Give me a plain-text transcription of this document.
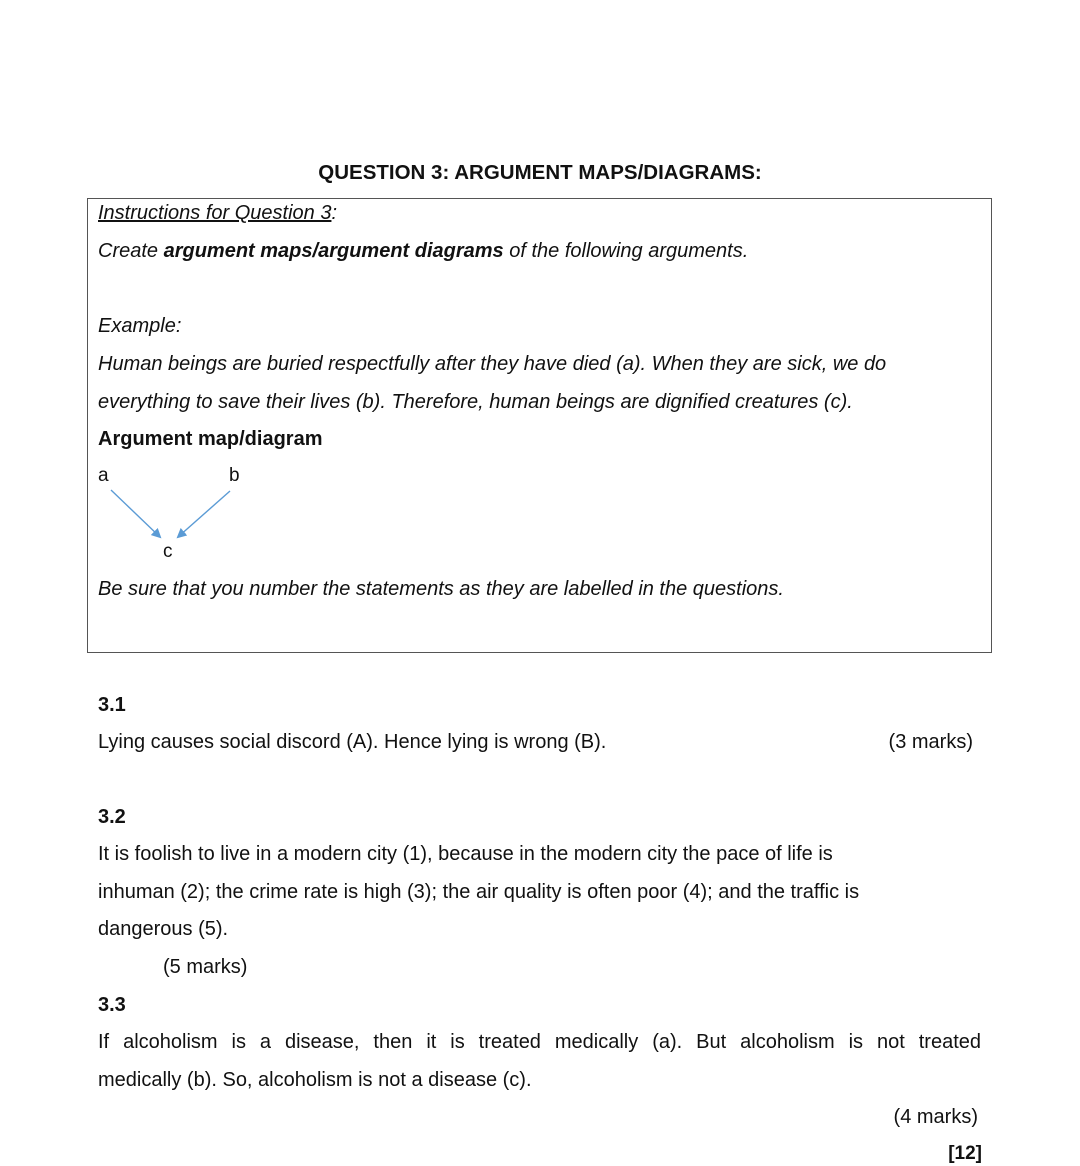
QUESTION 3: ARGUMENT MAPS/DIAGRAMS:
Instructions for Question 3:
Create argument maps/argument diagrams of the following arguments.
Example:
Human beings are buried respectfully after they have died (a). When they are sick, we do
everything to save their lives (b). Therefore, human beings are dignified creatures (c).
Argument map/diagram
a	b
c
Be sure that you number the statements as they are labelled in the questions.
3.1
Lying causes social discord (A). Hence lying is wrong (B).	(3 marks)
3.2
It is foolish to live in a modern city (1), because in the modern city the pace of life is
inhuman (2); the crime rate is high (3); the air quality is often poor (4); and the traffic is
dangerous (5).
(5 marks)
3.3
If alcoholism is a disease, then it is treated medically (a). But alcoholism is not treated
medically (b). So, alcoholism is not a disease (c).
(4 marks)
[12]
